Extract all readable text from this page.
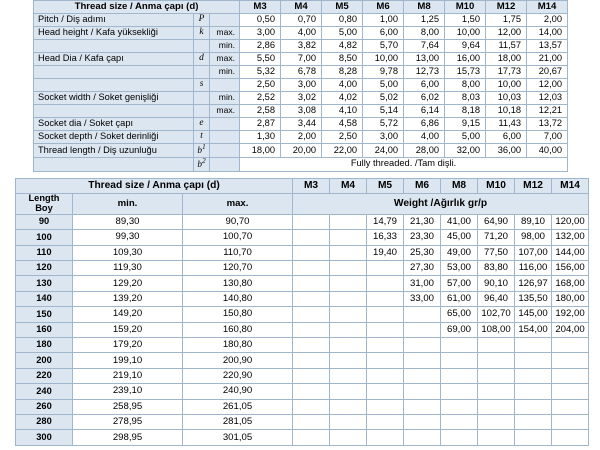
Thread size / Anma çapı (d)			M3	M4	M5	M6	M8	M10	M12	M14
Pitch / Diş adımı	P		0,50	0,70	0,80	1,00	1,25	1,50	1,75	2,00
Head height / Kafa yüksekliği	k	max.	3,00	4,00	5,00	6,00	8,00	10,00	12,00	14,00
		min.	2,86	3,82	4,82	5,70	7,64	9,64	11,57	13,57
Head Dia / Kafa çapı	d	max.	5,50	7,00	8,50	10,00	13,00	16,00	18,00	21,00
		min.	5,32	6,78	8,28	9,78	12,73	15,73	17,73	20,67
	s		2,50	3,00	4,00	5,00	6,00	8,00	10,00	12,00
Socket width / Soket genişliği		min.	2,52	3,02	4,02	5,02	6,02	8,03	10,03	12,03
		max.	2,58	3,08	4,10	5,14	6,14	8,18	10,18	12,21
Socket dia / Soket çapı	e		2,87	3,44	4,58	5,72	6,86	9,15	11,43	13,72
Socket depth / Soket derinliği	t		1,30	2,00	2,50	3,00	4,00	5,00	6,00	7,00
Thread length / Diş uzunluğu	$b^1$		18,00	20,00	22,00	24,00	28,00	32,00	36,00	40,00
	$b^2$		Fully threaded. /Tam dişli.							
Thread size / Anma çapı (d)			M3	M4	M5	M6	M8	M10	M12	M14
Length
Boy	min.	max.	Weight /Ağırlık gr/p							
90	89,30	90,70			14,79	21,30	41,00	64,90	89,10	120,00
100	99,30	100,70			16,33	23,30	45,00	71,20	98,00	132,00
110	109,30	110,70			19,40	25,30	49,00	77,50	107,00	144,00
120	119,30	120,70				27,30	53,00	83,80	116,00	156,00
130	129,20	130,80				31,00	57,00	90,10	126,97	168,00
140	139,20	140,80				33,00	61,00	96,40	135,50	180,00
150	149,20	150,80					65,00	102,70	145,00	192,00
160	159,20	160,80					69,00	108,00	154,00	204,00
180	179,20	180,80								
200	199,10	200,90								
220	219,10	220,90								
240	239,10	240,90								
260	258,95	261,05								
280	278,95	281,05								
300	298,95	301,05								
